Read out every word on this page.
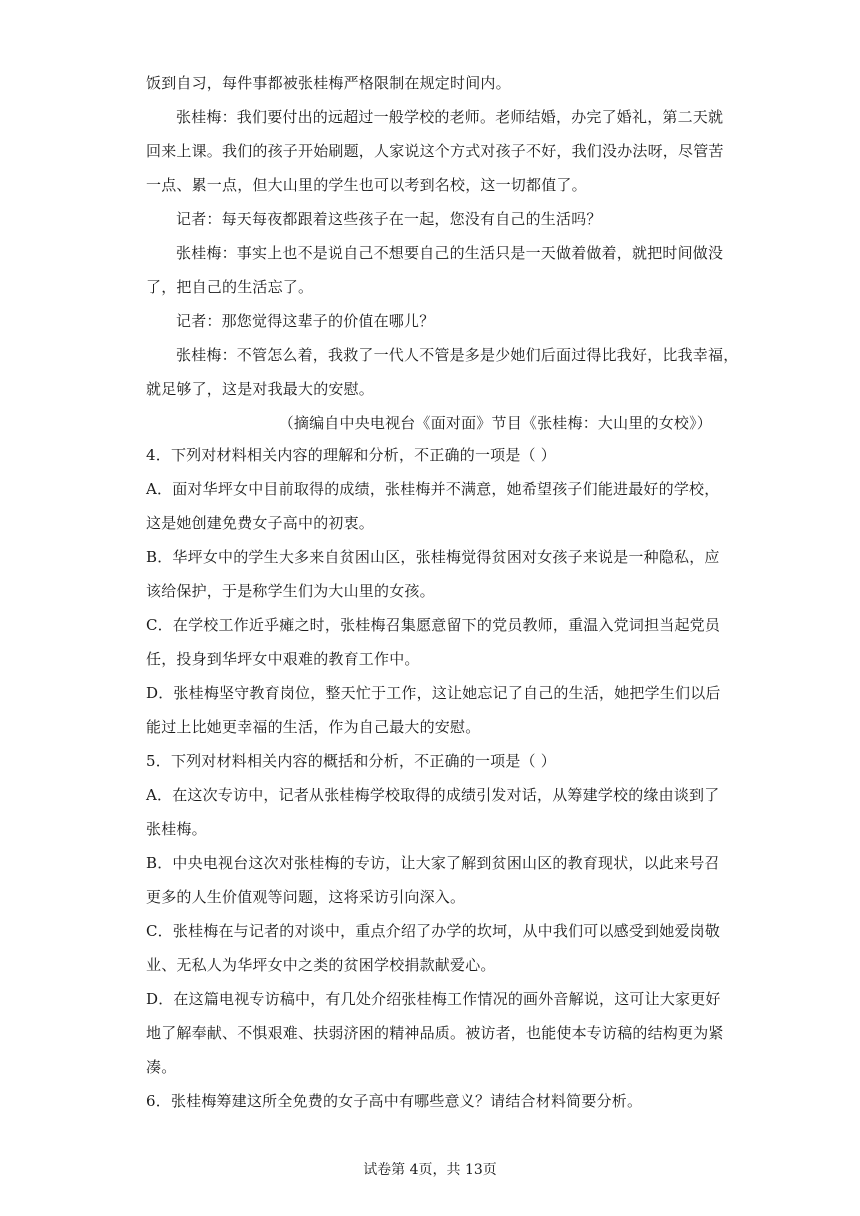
饭到自习，每件事都被张桂梅严格限制在规定时间内。
张桂梅：我们要付出的远超过一般学校的老师。老师结婚，办完了婚礼，第二天就
回来上课。我们的孩子开始刷题，人家说这个方式对孩子不好，我们没办法呀，尽管苦
一点、累一点，但大山里的学生也可以考到名校，这一切都值了。
记者：每天每夜都跟着这些孩子在一起，您没有自己的生活吗？
张桂梅：事实上也不是说自己不想要自己的生活只是一天做着做着，就把时间做没
了，把自己的生活忘了。
记者：那您觉得这辈子的价值在哪儿？
张桂梅：不管怎么着，我救了一代人不管是多是少她们后面过得比我好，比我幸福，
就足够了，这是对我最大的安慰。
（摘编自中央电视台《面对面》节目《张桂梅：大山里的女校》）
4．下列对材料相关内容的理解和分析，不正确的一项是（ ）
A．面对华坪女中目前取得的成绩，张桂梅并不满意，她希望孩子们能进最好的学校，
这是她创建免费女子高中的初衷。
B．华坪女中的学生大多来自贫困山区，张桂梅觉得贫困对女孩子来说是一种隐私，应
该给保护，于是称学生们为大山里的女孩。
C．在学校工作近乎瘫之时，张桂梅召集愿意留下的党员教师，重温入党词担当起党员
任，投身到华坪女中艰难的教育工作中。
D．张桂梅坚守教育岗位，整天忙于工作，这让她忘记了自己的生活，她把学生们以后
能过上比她更幸福的生活，作为自己最大的安慰。
5．下列对材料相关内容的概括和分析，不正确的一项是（ ）
A．在这次专访中，记者从张桂梅学校取得的成绩引发对话，从筹建学校的缘由谈到了
张桂梅。
B．中央电视台这次对张桂梅的专访，让大家了解到贫困山区的教育现状，以此来号召
更多的人生价值观等问题，这将采访引向深入。
C．张桂梅在与记者的对谈中，重点介绍了办学的坎坷，从中我们可以感受到她爱岗敬
业、无私人为华坪女中之类的贫困学校捐款献爱心。
D．在这篇电视专访稿中，有几处介绍张桂梅工作情况的画外音解说，这可让大家更好
地了解奉献、不惧艰难、扶弱济困的精神品质。被访者，也能使本专访稿的结构更为紧
凑。
6．张桂梅筹建这所全免费的女子高中有哪些意义？请结合材料简要分析。
试卷第 4页，共 13页
